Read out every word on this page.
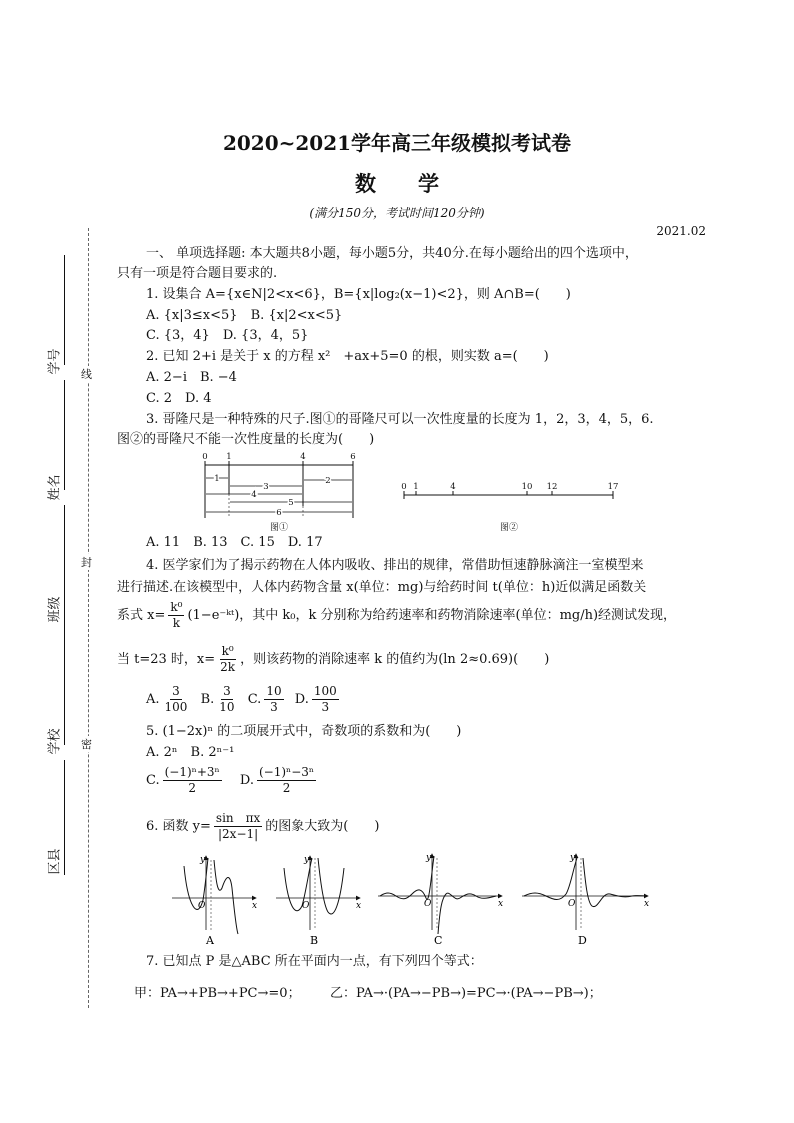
2020~2021学年高三年级模拟考试卷
数学
(满分150分，考试时间120分钟)
2021.02
学号
姓名
班级
学校
区县
线
封
密
一、 单项选择题: 本大题共8小题，每小题5分，共40分.在每小题给出的四个选项中，
只有一项是符合题目要求的.
1. 设集合 A={x∈N|2<x<6}，B={x|log₂(x−1)<2}，则 A∩B=(　　)
A. {x|3≤x<5}　B. {x|2<x<5}
C. {3，4}　D. {3，4，5}
2. 已知 2+i 是关于 x 的方程 x²　+ax+5=0 的根，则实数 a=(　　)
A. 2−i　B. −4
C. 2　D. 4
3. 哥隆尺是一种特殊的尺子.图①的哥隆尺可以一次性度量的长度为 1，2，3，4，5，6.
图②的哥隆尺不能一次性度量的长度为(　　)
0 1	4	6
1	2
3
4
5
6
图①
0 1	4	10 12	17
图②
A. 11　B. 13　C. 15　D. 17
4. 医学家们为了揭示药物在人体内吸收、排出的规律，常借助恒速静脉滴注一室模型来
进行描述.在该模型中，人体内药物含量 x(单位：mg)与给药时间 t(单位：h)近似满足函数关
系式 $x= \frac{\text{k⁰}}{k}$ (1−e⁻ᵏᵗ)，其中 k₀，k 分别称为给药速率和药物消除速率(单位：mg/h)经测试发现，
当 t=23 时，$x= \frac{\text{k⁰}}{2k}$ ，则该药物的消除速率 k 的值约为(ln 2≈0.69)(　　)
A. $\frac{3}{100} B$. $\frac{3}{10} C$. $\frac{10}{3} D$. $\frac{100}{3}$
5. (1−2x)ⁿ 的二项展开式中，奇数项的系数和为(　　)
A. 2ⁿ　B. 2ⁿ⁻¹
C. $\frac{\text{(−1)ⁿ+3ⁿ}}{2} D$. $\frac{\text{(−1)ⁿ−3ⁿ}}{2}$
6. 函数 $y= \frac{\text{sin　πx}}{|2x-1|}$ 的图象大致为(　　)
y
x
O
A
y
x
O
B
y
x
O
C
y
x
O
D
7. 已知点 P 是△ABC 所在平面内一点，有下列四个等式：
甲：PA→+PB→+PC→=0； 乙：PA→·(PA→−PB→)=PC→·(PA→−PB→)；
